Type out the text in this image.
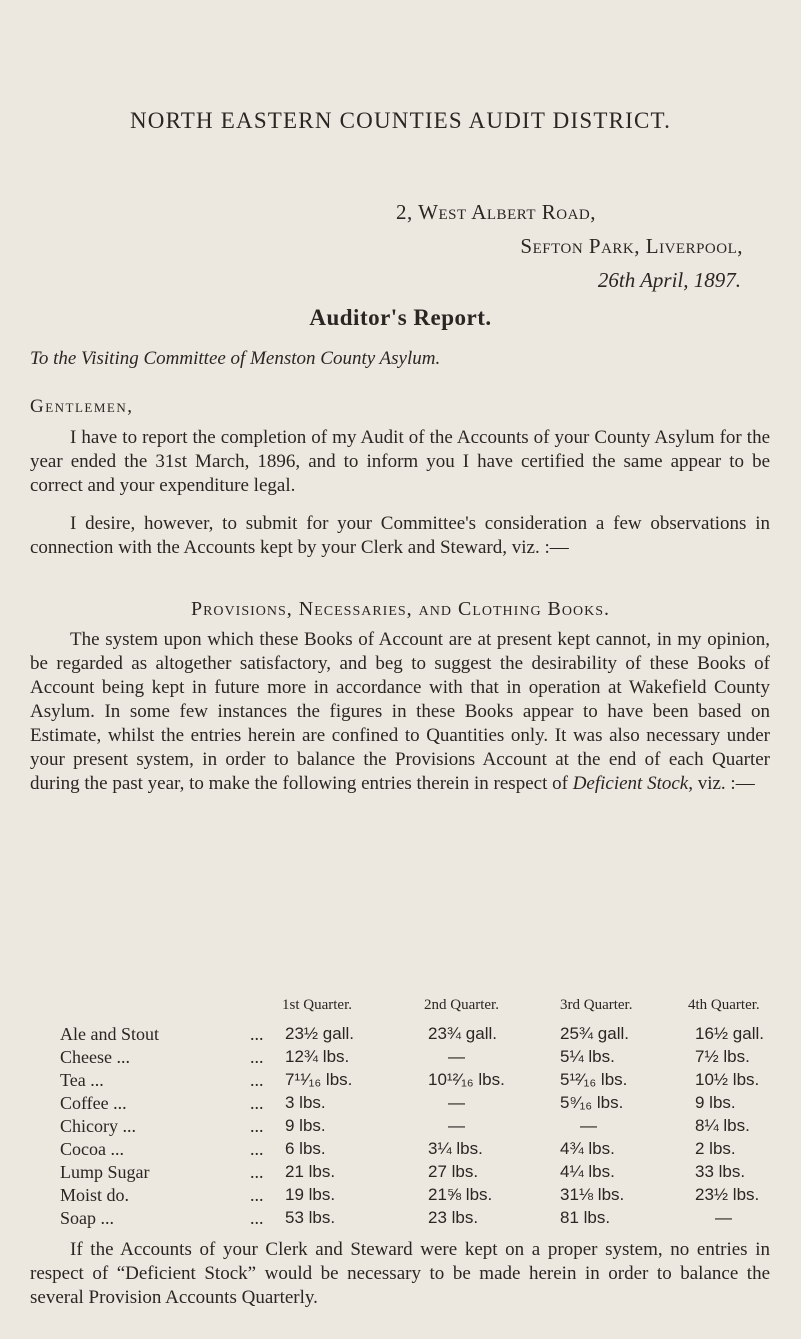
NORTH EASTERN COUNTIES AUDIT DISTRICT.
2, West Albert Road,
Sefton Park, Liverpool,
26th April, 1897.
Auditor's Report.
To the Visiting Committee of Menston County Asylum.
Gentlemen,
I have to report the completion of my Audit of the Accounts of your County Asylum for the year ended the 31st March, 1896, and to inform you I have certified the same appear to be correct and your expenditure legal.
I desire, however, to submit for your Committee's consideration a few observations in connection with the Accounts kept by your Clerk and Steward, viz. :—
Provisions, Necessaries, and Clothing Books.
The system upon which these Books of Account are at present kept cannot, in my opinion, be regarded as altogether satisfactory, and beg to suggest the desirability of these Books of Account being kept in future more in accordance with that in operation at Wakefield County Asylum. In some few instances the figures in these Books appear to have been based on Estimate, whilst the entries herein are confined to Quantities only. It was also necessary under your present system, in order to balance the Provisions Account at the end of each Quarter during the past year, to make the following entries therein in respect of Deficient Stock, viz. :—
1st Quarter.	2nd Quarter.	3rd Quarter.	4th Quarter.
Ale and Stout	... 23½ gall.	23¾ gall.	25¾ gall.	16½ gall.
Cheese ...	... 12¾ lbs.	—	5¼ lbs.	7½ lbs.
Tea ...	... 7¹¹⁄₁₆ lbs.	10¹²⁄₁₆ lbs.	5¹²⁄₁₆ lbs.	10½ lbs.
Coffee ...	... 3 lbs.	—	5⁹⁄₁₆ lbs.	9 lbs.
Chicory ...	... 9 lbs.	—	—	8¼ lbs.
Cocoa ...	... 6 lbs.	3¼ lbs.	4¾ lbs.	2 lbs.
Lump Sugar	... 21 lbs.	27 lbs.	4¼ lbs.	33 lbs.
Moist do.	... 19 lbs.	21⅝ lbs.	31⅛ lbs.	23½ lbs.
Soap ...	... 53 lbs.	23 lbs.	81 lbs.	—
If the Accounts of your Clerk and Steward were kept on a proper system, no entries in respect of “Deficient Stock” would be necessary to be made herein in order to balance the several Provision Accounts Quarterly.
